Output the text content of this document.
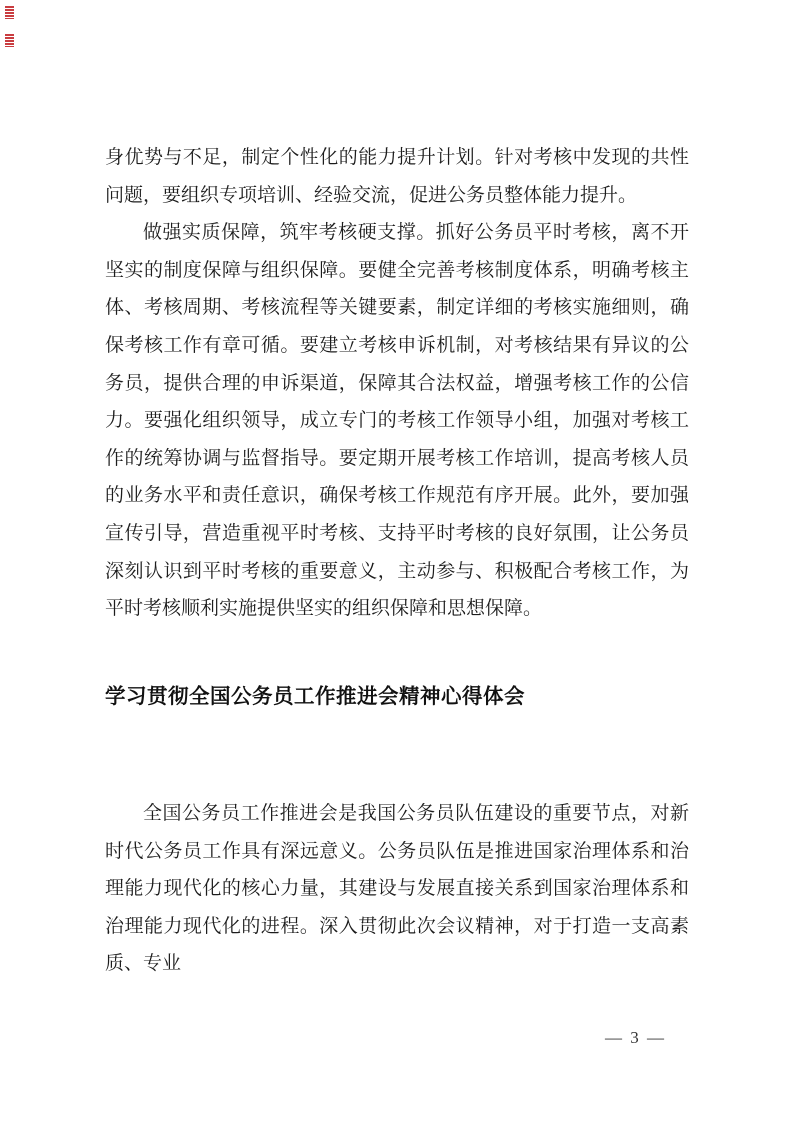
身优势与不足，制定个性化的能力提升计划。针对考核中发现的共性问题，要组织专项培训、经验交流，促进公务员整体能力提升。

做强实质保障，筑牢考核硬支撑。抓好公务员平时考核，离不开坚实的制度保障与组织保障。要健全完善考核制度体系，明确考核主体、考核周期、考核流程等关键要素，制定详细的考核实施细则，确保考核工作有章可循。要建立考核申诉机制，对考核结果有异议的公务员，提供合理的申诉渠道，保障其合法权益，增强考核工作的公信力。要强化组织领导，成立专门的考核工作领导小组，加强对考核工作的统筹协调与监督指导。要定期开展考核工作培训，提高考核人员的业务水平和责任意识，确保考核工作规范有序开展。此外，要加强宣传引导，营造重视平时考核、支持平时考核的良好氛围，让公务员深刻认识到平时考核的重要意义，主动参与、积极配合考核工作，为平时考核顺利实施提供坚实的组织保障和思想保障。

学习贯彻全国公务员工作推进会精神心得体会

全国公务员工作推进会是我国公务员队伍建设的重要节点，对新时代公务员工作具有深远意义。公务员队伍是推进国家治理体系和治理能力现代化的核心力量，其建设与发展直接关系到国家治理体系和治理能力现代化的进程。深入贯彻此次会议精神，对于打造一支高素质、专业

— 3 —
